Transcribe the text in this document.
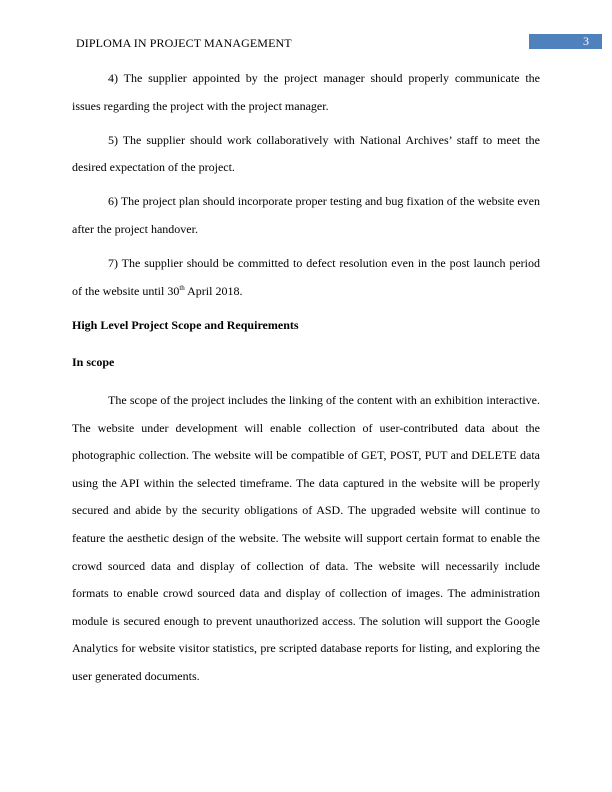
DIPLOMA IN PROJECT MANAGEMENT	3

4) The supplier appointed by the project manager should properly communicate the issues regarding the project with the project manager.

5) The supplier should work collaboratively with National Archives’ staff to meet the desired expectation of the project.

6) The project plan should incorporate proper testing and bug fixation of the website even after the project handover.

7) The supplier should be committed to defect resolution even in the post launch period of the website until 30th April 2018.

High Level Project Scope and Requirements

In scope

The scope of the project includes the linking of the content with an exhibition interactive. The website under development will enable collection of user-contributed data about the photographic collection. The website will be compatible of GET, POST, PUT and DELETE data using the API within the selected timeframe. The data captured in the website will be properly secured and abide by the security obligations of ASD. The upgraded website will continue to feature the aesthetic design of the website. The website will support certain format to enable the crowd sourced data and display of collection of data. The website will necessarily include formats to enable crowd sourced data and display of collection of images. The administration module is secured enough to prevent unauthorized access. The solution will support the Google Analytics for website visitor statistics, pre scripted database reports for listing, and exploring the user generated documents.
